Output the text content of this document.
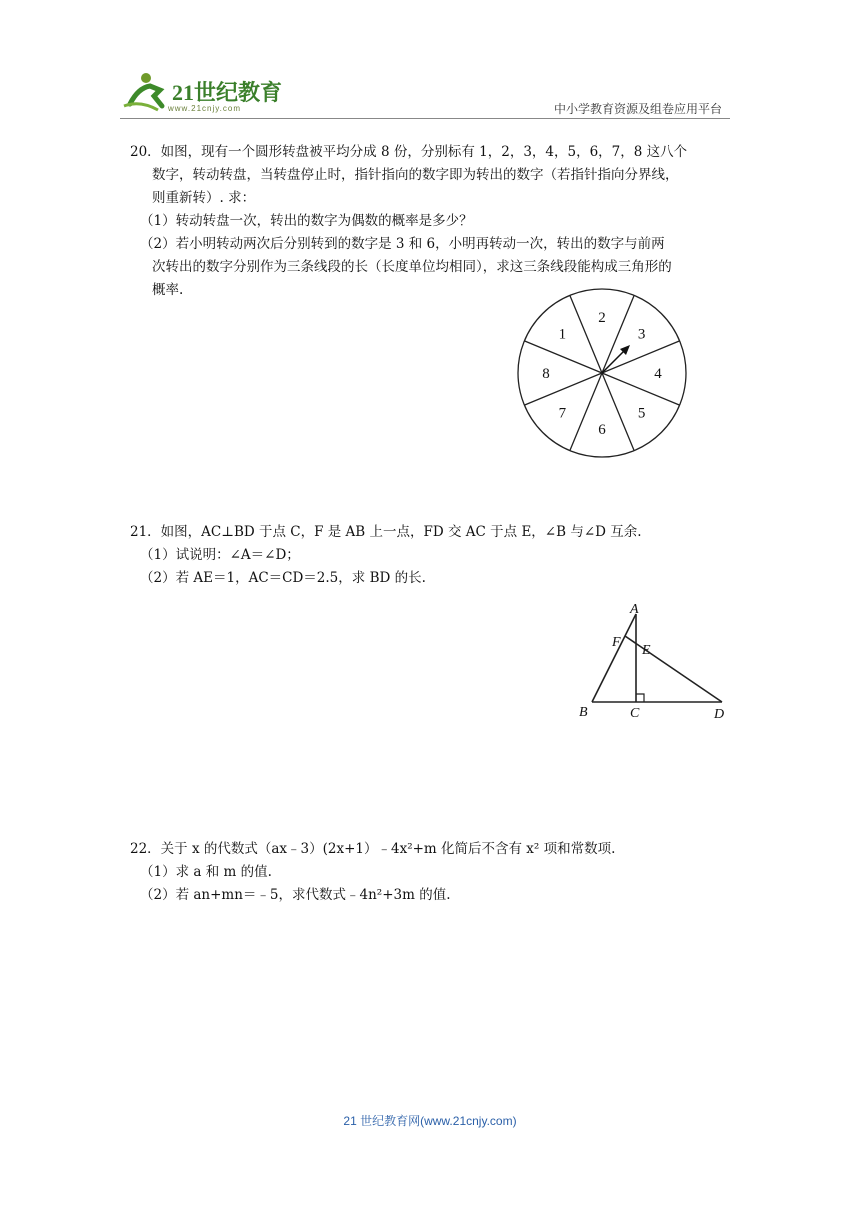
21世纪教育
www.21cnjy.com	中小学教育资源及组卷应用平台

20．如图，现有一个圆形转盘被平均分成 8 份，分别标有 1，2，3，4，5，6，7，8 这八个

数字，转动转盘，当转盘停止时，指针指向的数字即为转出的数字（若指针指向分界线，

则重新转）. 求：

（1）转动转盘一次，转出的数字为偶数的概率是多少？

（2）若小明转动两次后分别转到的数字是 3 和 6，小明再转动一次，转出的数字与前两

次转出的数字分别作为三条线段的长（长度单位均相同），求这三条线段能构成三角形的

概率.

1
2
3
4
5
6
7
8

21．如图，AC⊥BD 于点 C，F 是 AB 上一点，FD 交 AC 于点 E，∠B 与∠D 互余.

（1）试说明：∠A＝∠D；

（2）若 AE＝1，AC＝CD＝2.5，求 BD 的长.

A
B	C	D
E
F

22．关于 x 的代数式（ax﹣3）(2x+1）﹣4x²+m 化简后不含有 x² 项和常数项.

（1）求 a 和 m 的值.

（2）若 an+mn＝﹣5，求代数式﹣4n²+3m 的值.

21 世纪教育网(www.21cnjy.com)
